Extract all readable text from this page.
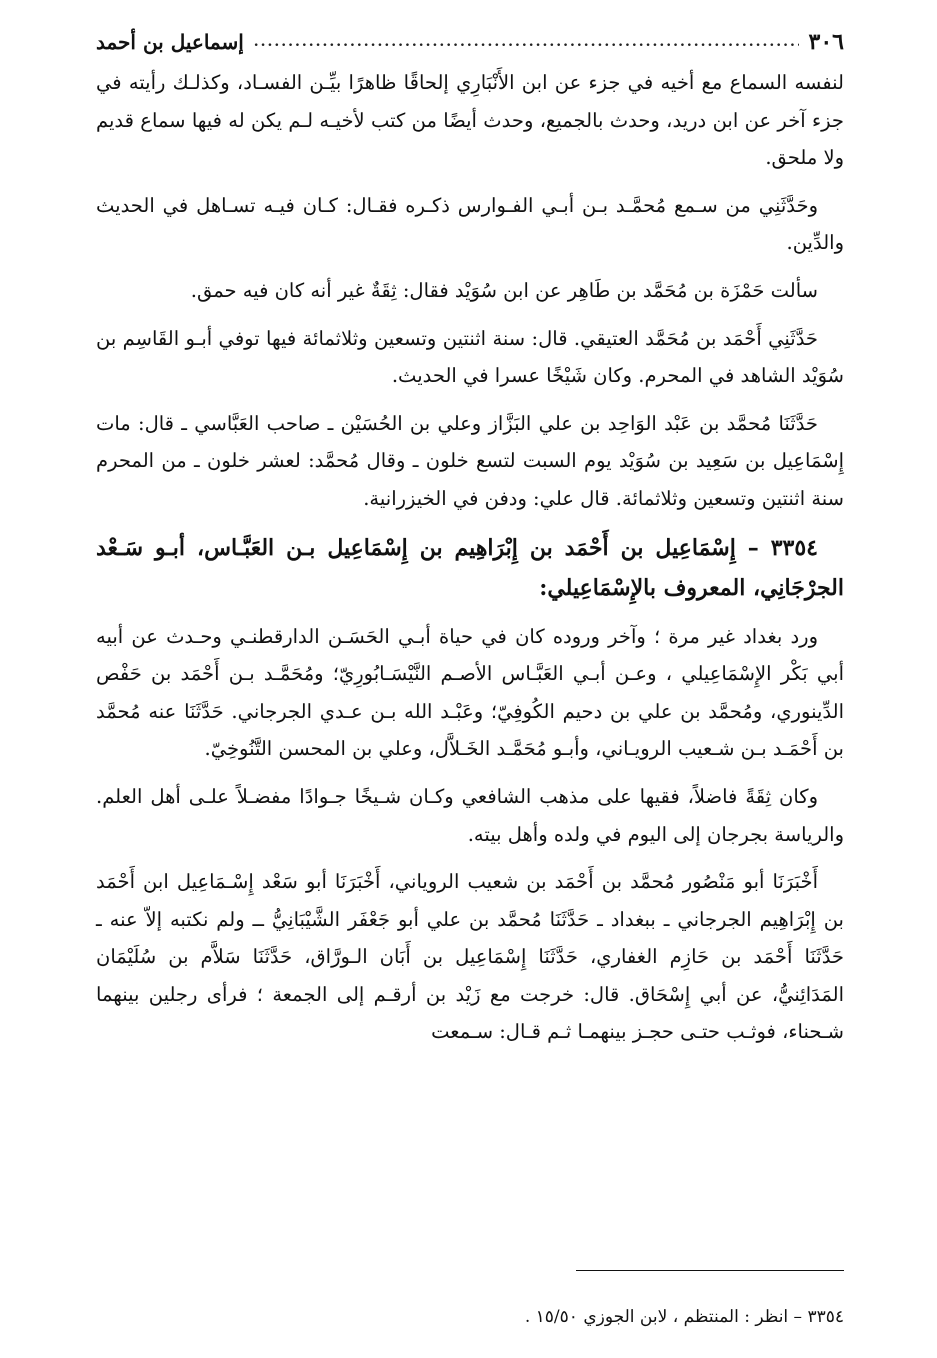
٣٠٦
.....
إسماعيل بن أحمد

لنفسه السماع مع أخيه في جزء عن ابن الأَنْبَارِي إلحاقًا ظاهرًا بيِّـن الفسـاد، وكذلـك رأيته في جزء آخر عن ابن دريد، وحدث بالجميع، وحدث أيضًا من كتب لأخيـه لـم يكن له فيها سماع قديم ولا ملحق.

وحَدَّثَنِي من سـمع مُحمَّـد بـن أبـي الفـوارس ذكـره فقـال: كـان فيـه تسـاهل في الحديث والدِّين.

سألت حَمْزَة بن مُحَمَّد بن طَاهِر عن ابن سُوَيْد فقال: ثِقَةٌ غير أنه كان فيه حمق.

حَدَّثَنِي أَحْمَد بن مُحَمَّد العتيقي. قال: سنة اثنتين وتسعين وثلاثمائة فيها توفي أبـو القَاسِم بن سُوَيْد الشاهد في المحرم. وكان شَيْخًا عسرا في الحديث.

حَدَّثَنَا مُحمَّد بن عَبْد الوَاحِد بن علي البَزَّاز وعلي بن الحُسَيْن ـ صاحب العَبَّاسي ـ قال: مات إِسْمَاعِيل بن سَعِيد بن سُوَيْد يوم السبت لتسع خلون ـ وقال مُحمَّد: لعشر خلون ـ من المحرم سنة اثنتين وتسعين وثلاثمائة. قال علي: ودفن في الخيزرانية.

٣٣٥٤ – إِسْمَاعِيل بن أَحْمَد بن إِبْرَاهِيم بن إِسْمَاعِيل بـن العَبَّـاس، أبـو سَـعْد الجرْجَانِي، المعروف بالإِسْمَاعِيلي:

ورد بغداد غير مرة ؛ وآخر وروده كان في حياة أبـي الحَسَـن الدارقطنـي وحـدث عن أبيه أبي بَكْر الإِسْمَاعِيلي ، وعـن أبـي العَبَّـاس الأصـم النَّيْسَـابُورِيّ؛ ومُحَمَّـد بـن أَحْمَد بن حَفْص الدِّينوري، ومُحمَّد بن علي بن دحيم الكُوفِيّ؛ وعَبْـد الله بـن عـدي الجرجاني. حَدَّثَنَا عنه مُحمَّد بن أَحْمَـد بـن شـعيب الرويـاني، وأبـو مُحَمَّـد الخَـلاَّل، وعلي بن المحسن التَّنُوخِيّ.

وكان ثِقَةً فاضلاً، فقيها على مذهب الشافعي وكـان شـيخًا جـوادًا مفضـلاً علـى أهل العلم. والرياسة بجرجان إلى اليوم في ولده وأهل بيته.

أَخْبَرَنَا أبو مَنْصُور مُحمَّد بن أَحْمَد بن شعيب الروياني، أَخْبَرَنَا أبو سَعْد إِسْـمَاعِيل ابن أَحْمَد بن إِبْرَاهِيم الجرجاني ـ ببغداد ـ حَدَّثَنَا مُحمَّد بن علي أبو جَعْفَر الشَّيْبَانِيُّ ــ ولم نكتبه إلاّ عنه ـ حَدَّثَنَا أَحْمَد بن حَازِم الغفاري، حَدَّثَنَا إِسْمَاعِيل بن أَبَان الـورَّاق، حَدَّثَنَا سَلاَّم بن سُلَيْمَان المَدَائِنيُّ، عن أبي إِسْحَاق. قال: خرجت مع زَيْد بن أرقـم إلى الجمعة ؛ فرأى رجلين بينهما شـحناء، فوثـب حتـى حجـز بينهمـا ثـم قـال: سـمعت

٣٣٥٤ – انظر : المنتظم ، لابن الجوزي ١٥/٥٠ .
